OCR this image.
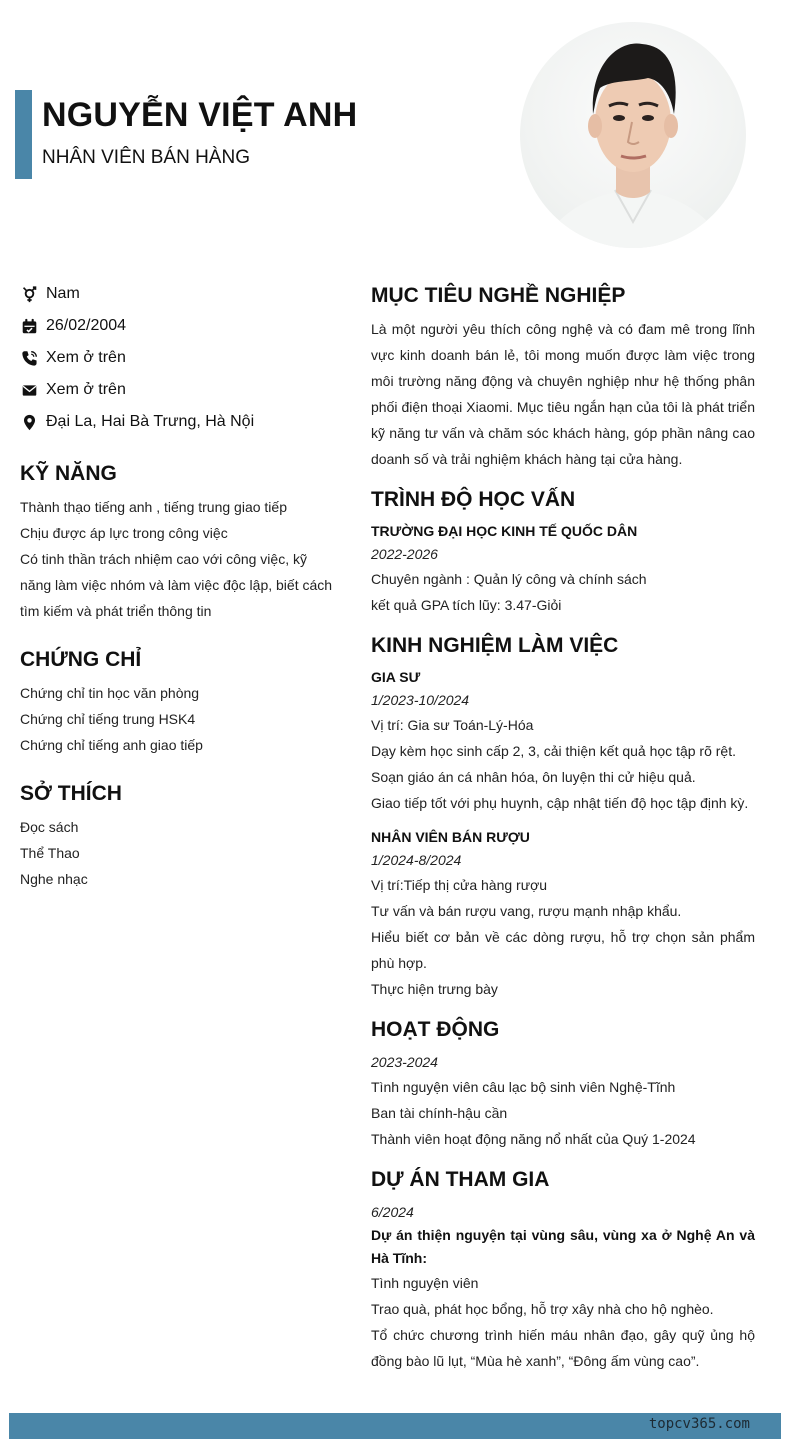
NGUYỄN VIỆT ANH
NHÂN VIÊN BÁN HÀNG
Nam
26/02/2004
Xem ở trên
Xem ở trên
Đại La, Hai Bà Trưng, Hà Nội
KỸ NĂNG
Thành thạo tiếng anh , tiếng trung giao tiếp
Chịu được áp lực trong công việc
Có tinh thần trách nhiệm cao với công việc, kỹ năng làm việc nhóm và làm việc độc lập, biết cách tìm kiếm và phát triển thông tin
CHỨNG CHỈ
Chứng chỉ tin học văn phòng
Chứng chỉ tiếng trung HSK4
Chứng chỉ tiếng anh giao tiếp
SỞ THÍCH
Đọc sách
Thể Thao
Nghe nhạc
MỤC TIÊU NGHỀ NGHIỆP
Là một người yêu thích công nghệ và có đam mê trong lĩnh vực kinh doanh bán lẻ, tôi mong muốn được làm việc trong môi trường năng động và chuyên nghiệp như hệ thống phân phối điện thoại Xiaomi. Mục tiêu ngắn hạn của tôi là phát triển kỹ năng tư vấn và chăm sóc khách hàng, góp phần nâng cao doanh số và trải nghiệm khách hàng tại cửa hàng.
TRÌNH ĐỘ HỌC VẤN
TRƯỜNG ĐẠI HỌC KINH TẾ QUỐC DÂN
2022-2026
Chuyên ngành : Quản lý công và chính sách
kết quả GPA tích lũy: 3.47-Giỏi
KINH NGHIỆM LÀM VIỆC
GIA SƯ
1/2023-10/2024
Vị trí: Gia sư Toán-Lý-Hóa
Dạy kèm học sinh cấp 2, 3, cải thiện kết quả học tập rõ rệt.
Soạn giáo án cá nhân hóa, ôn luyện thi cử hiệu quả.
Giao tiếp tốt với phụ huynh, cập nhật tiến độ học tập định kỳ.
NHÂN VIÊN BÁN RƯỢU
1/2024-8/2024
Vị trí:Tiếp thị cửa hàng rượu
Tư vấn và bán rượu vang, rượu mạnh nhập khẩu.
Hiểu biết cơ bản về các dòng rượu, hỗ trợ chọn sản phẩm phù hợp.
Thực hiện trưng bày
HOẠT ĐỘNG
2023-2024
Tình nguyện viên câu lạc bộ sinh viên Nghệ-Tĩnh
Ban tài chính-hậu cần
Thành viên hoạt động năng nổ nhất của Quý 1-2024
DỰ ÁN THAM GIA
6/2024
Dự án thiện nguyện tại vùng sâu, vùng xa ở Nghệ An và Hà Tĩnh:
Tình nguyện viên
Trao quà, phát học bổng, hỗ trợ xây nhà cho hộ nghèo.
Tổ chức chương trình hiến máu nhân đạo, gây quỹ ủng hộ đồng bào lũ lụt, “Mùa hè xanh”, “Đông ấm vùng cao”.
topcv365.com
